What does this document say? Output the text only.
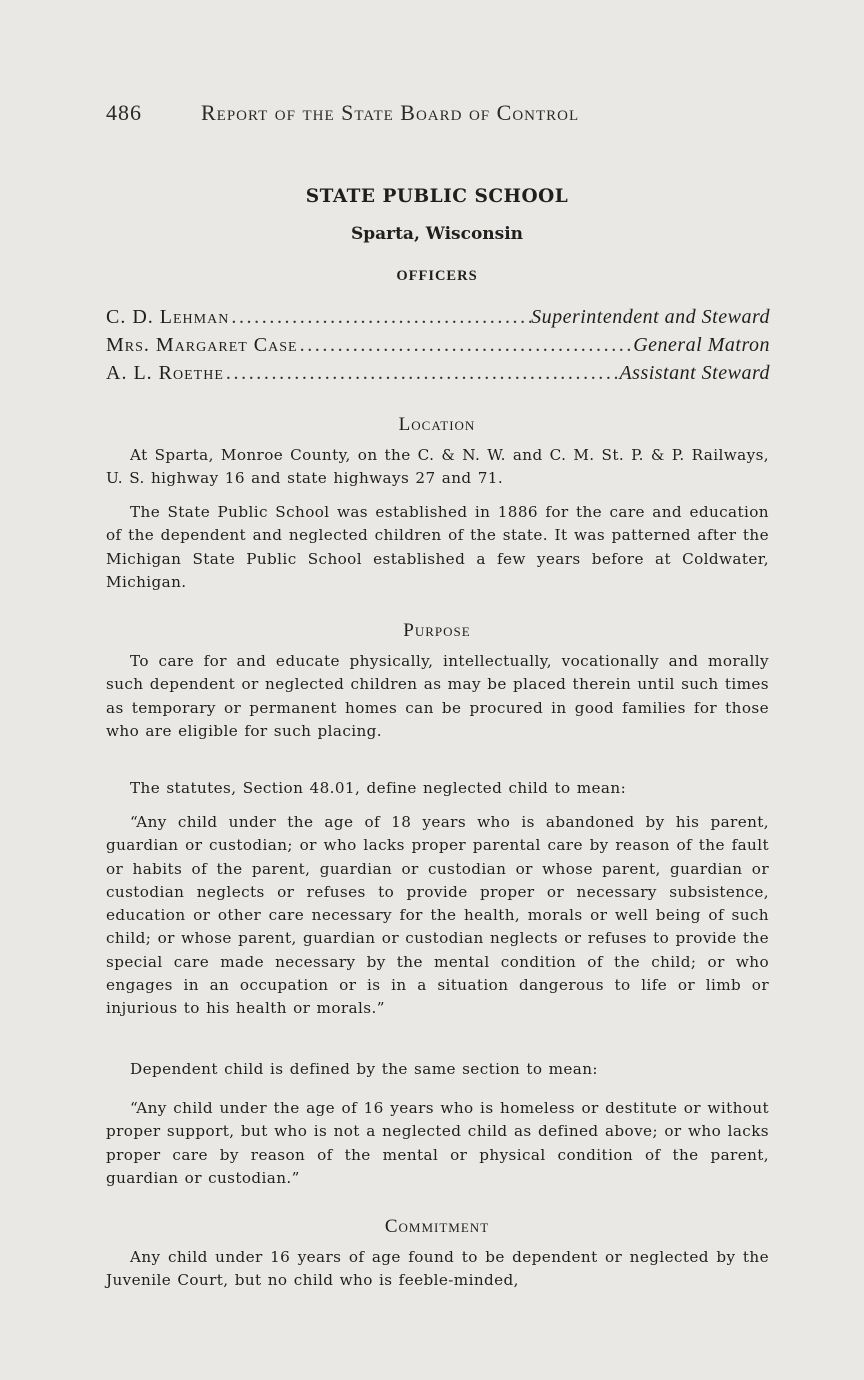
486	Report of the State Board of Control
STATE PUBLIC SCHOOL
Sparta, Wisconsin
OFFICERS
C. D. Lehman .....	Superintendent and Steward
Mrs. Margaret Case .....	General Matron
A. L. Roethe .....	Assistant Steward
Location

At Sparta, Monroe County, on the C. & N. W. and C. M. St. P. & P. Railways, U. S. highway 16 and state highways 27 and 71.

The State Public School was established in 1886 for the care and education of the dependent and neglected children of the state. It was patterned after the Michigan State Public School established a few years before at Coldwater, Michigan.

Purpose

To care for and educate physically, intellectually, vocationally and morally such dependent or neglected children as may be placed therein until such times as temporary or permanent homes can be procured in good families for those who are eligible for such placing.

The statutes, Section 48.01, define neglected child to mean:

“Any child under the age of 18 years who is abandoned by his parent, guardian or custodian; or who lacks proper parental care by reason of the fault or habits of the parent, guardian or custodian or whose parent, guardian or custodian neglects or refuses to provide proper or necessary subsistence, education or other care necessary for the health, morals or well being of such child; or whose parent, guardian or custodian neglects or refuses to provide the special care made necessary by the mental condition of the child; or who engages in an occupation or is in a situation dangerous to life or limb or injurious to his health or morals.”

Dependent child is defined by the same section to mean:

“Any child under the age of 16 years who is homeless or destitute or without proper support, but who is not a neglected child as defined above; or who lacks proper care by reason of the mental or physical condition of the parent, guardian or custodian.”

Commitment

Any child under 16 years of age found to be dependent or neglected by the Juvenile Court, but no child who is feeble-minded,
